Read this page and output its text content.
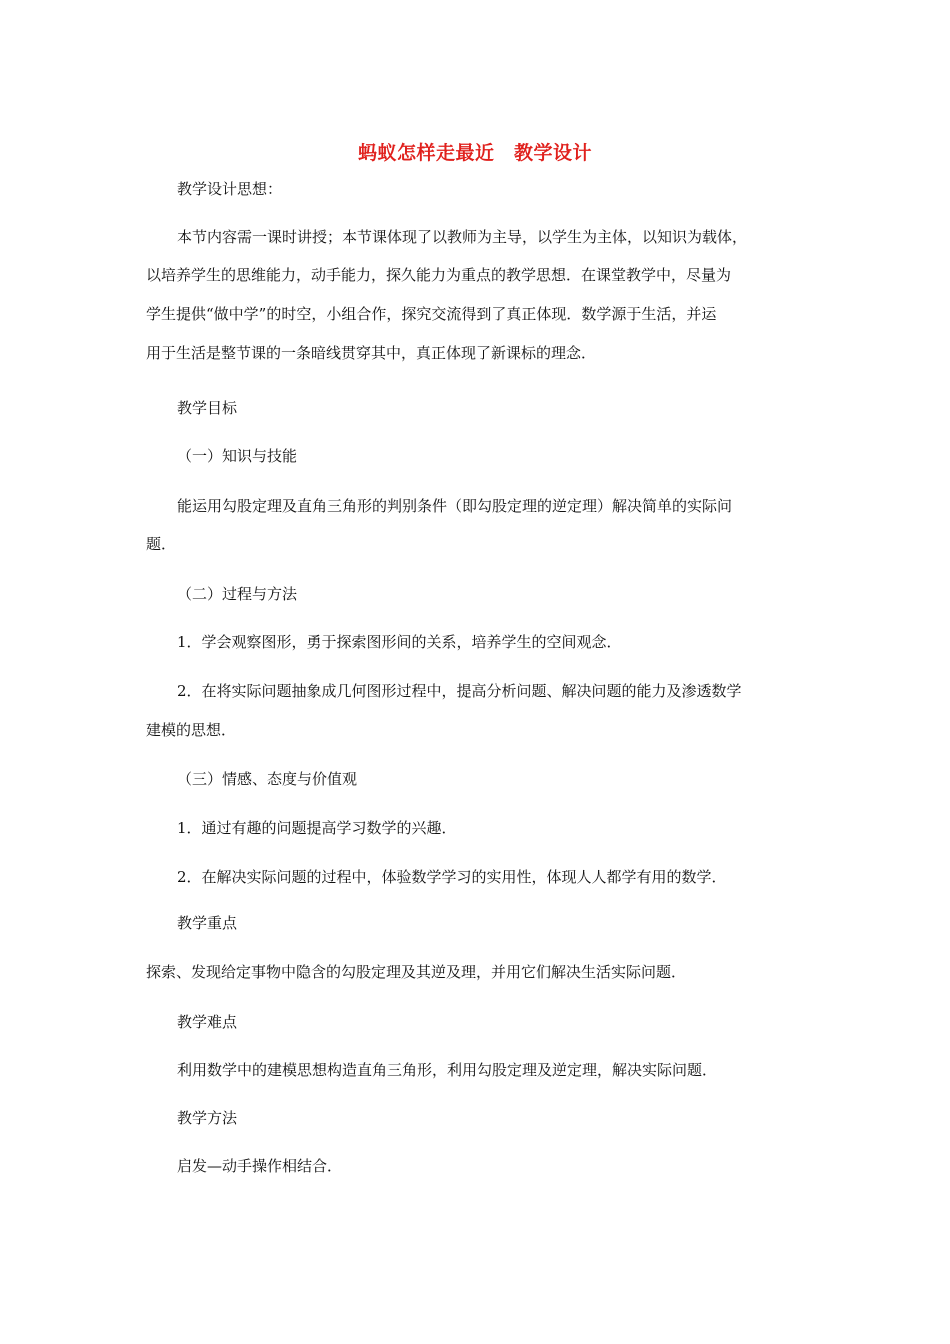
蚂蚁怎样走最近　教学设计
教学设计思想：
本节内容需一课时讲授；本节课体现了以教师为主导，以学生为主体，以知识为载体，
以培养学生的思维能力，动手能力，探久能力为重点的教学思想．在课堂教学中，尽量为
学生提供“做中学”的时空，小组合作，探究交流得到了真正体现．数学源于生活，并运
用于生活是整节课的一条暗线贯穿其中，真正体现了新课标的理念．
教学目标
（一）知识与技能
能运用勾股定理及直角三角形的判别条件（即勾股定理的逆定理）解决简单的实际问
题．
（二）过程与方法
1．学会观察图形，勇于探索图形间的关系，培养学生的空间观念．
2．在将实际问题抽象成几何图形过程中，提高分析问题、解决问题的能力及渗透数学
建模的思想．
（三）情感、态度与价值观
1．通过有趣的问题提高学习数学的兴趣．
2．在解决实际问题的过程中，体验数学学习的实用性，体现人人都学有用的数学．
教学重点
探索、发现给定事物中隐含的勾股定理及其逆及理，并用它们解决生活实际问题．
教学难点
利用数学中的建模思想构造直角三角形，利用勾股定理及逆定理，解决实际问题．
教学方法
启发—动手操作相结合．
